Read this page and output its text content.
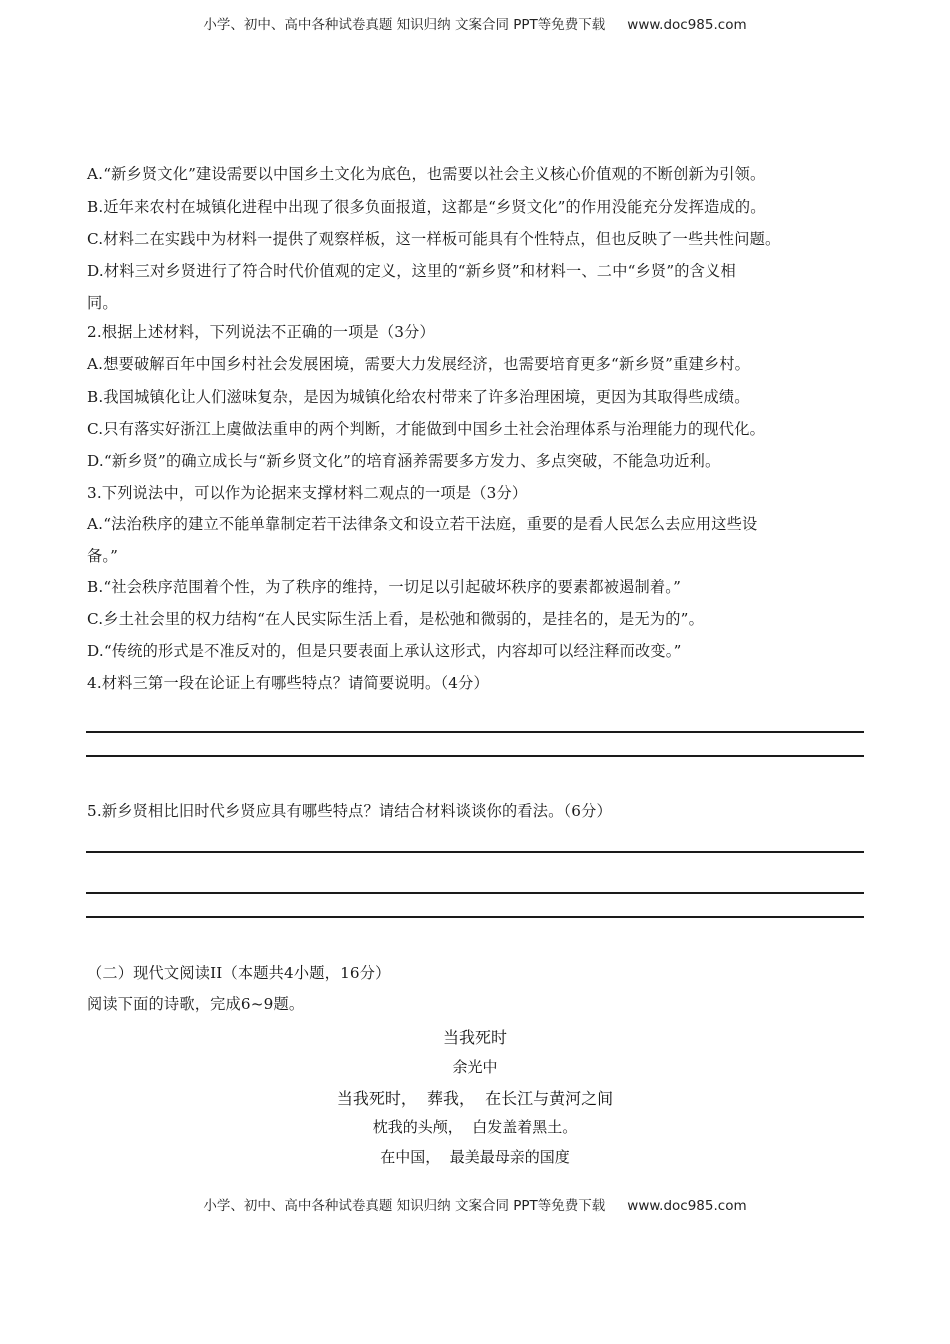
小学、初中、高中各种试卷真题 知识归纳 文案合同 PPT等免费下载 www.doc985.com
A.“新乡贤文化”建设需要以中国乡土文化为底色，也需要以社会主义核心价值观的不断创新为引领。
B.近年来农村在城镇化进程中出现了很多负面报道，这都是“乡贤文化”的作用没能充分发挥造成的。
C.材料二在实践中为材料一提供了观察样板，这一样板可能具有个性特点，但也反映了一些共性问题。
D.材料三对乡贤进行了符合时代价值观的定义，这里的“新乡贤”和材料一、二中“乡贤”的含义相
同。
2.根据上述材料，下列说法不正确的一项是（3分）
A.想要破解百年中国乡村社会发展困境，需要大力发展经济，也需要培育更多“新乡贤”重建乡村。
B.我国城镇化让人们滋味复杂，是因为城镇化给农村带来了许多治理困境，更因为其取得些成绩。
C.只有落实好浙江上虞做法重申的两个判断，才能做到中国乡土社会治理体系与治理能力的现代化。
D.“新乡贤”的确立成长与“新乡贤文化”的培育涵养需要多方发力、多点突破，不能急功近利。
3.下列说法中，可以作为论据来支撑材料二观点的一项是（3分）
A.“法治秩序的建立不能单靠制定若干法律条文和设立若干法庭，重要的是看人民怎么去应用这些设
备。”
B.“社会秩序范围着个性，为了秩序的维持，一切足以引起破坏秩序的要素都被遏制着。”
C.乡土社会里的权力结构“在人民实际生活上看，是松弛和微弱的，是挂名的，是无为的”。
D.“传统的形式是不准反对的，但是只要表面上承认这形式，内容却可以经注释而改变。”
4.材料三第一段在论证上有哪些特点？请简要说明。（4分）
5.新乡贤相比旧时代乡贤应具有哪些特点？请结合材料谈谈你的看法。（6分）
（二）现代文阅读II（本题共4小题，16分）
阅读下面的诗歌，完成6~9题。
当我死时
余光中
当我死时，  葬我，  在长江与黄河之间
枕我的头颅，  白发盖着黑土。
在中国，  最美最母亲的国度
小学、初中、高中各种试卷真题 知识归纳 文案合同 PPT等免费下载 www.doc985.com
